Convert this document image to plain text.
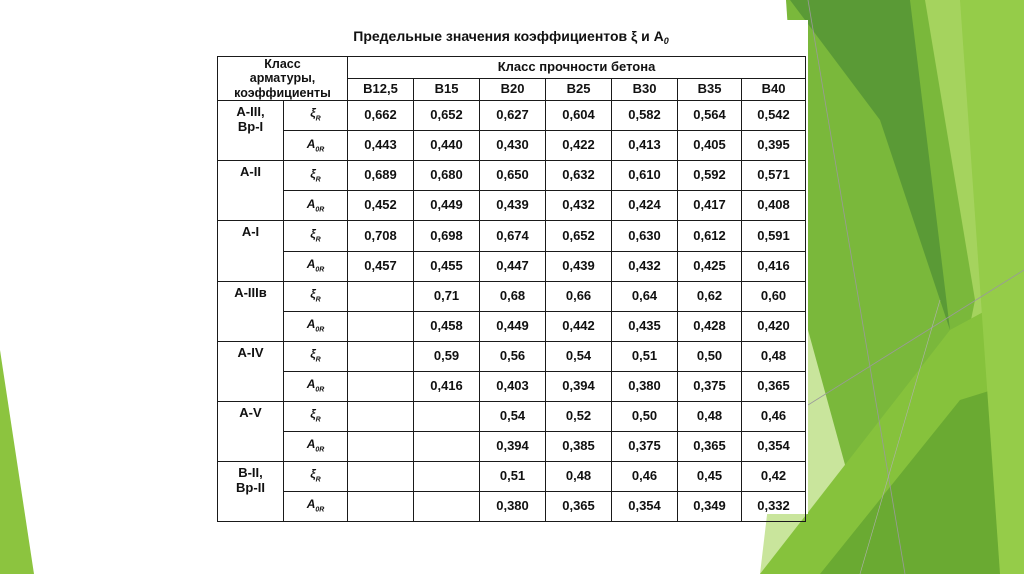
Предельные значения коэффициентов ξ и $A_0$
Класс
арматуры,
коэффициенты		Класс прочности бетона						
		B12,5	B15	B20	B25	B30	B35	B40
A-III,
Bp-I	$\xi_R$	0,662	0,652	0,627	0,604	0,582	0,564	0,542
	$A_{0R}$	0,443	0,440	0,430	0,422	0,413	0,405	0,395
A-II	$\xi_R$	0,689	0,680	0,650	0,632	0,610	0,592	0,571
	$A_{0R}$	0,452	0,449	0,439	0,432	0,424	0,417	0,408
A-I	$\xi_R$	0,708	0,698	0,674	0,652	0,630	0,612	0,591
	$A_{0R}$	0,457	0,455	0,447	0,439	0,432	0,425	0,416
A-IIIв	$\xi_R$		0,71	0,68	0,66	0,64	0,62	0,60
	$A_{0R}$		0,458	0,449	0,442	0,435	0,428	0,420
A-IV	$\xi_R$		0,59	0,56	0,54	0,51	0,50	0,48
	$A_{0R}$		0,416	0,403	0,394	0,380	0,375	0,365
A-V	$\xi_R$			0,54	0,52	0,50	0,48	0,46
	$A_{0R}$			0,394	0,385	0,375	0,365	0,354
B-II,
Bp-II	$\xi_R$			0,51	0,48	0,46	0,45	0,42
	$A_{0R}$			0,380	0,365	0,354	0,349	0,332
